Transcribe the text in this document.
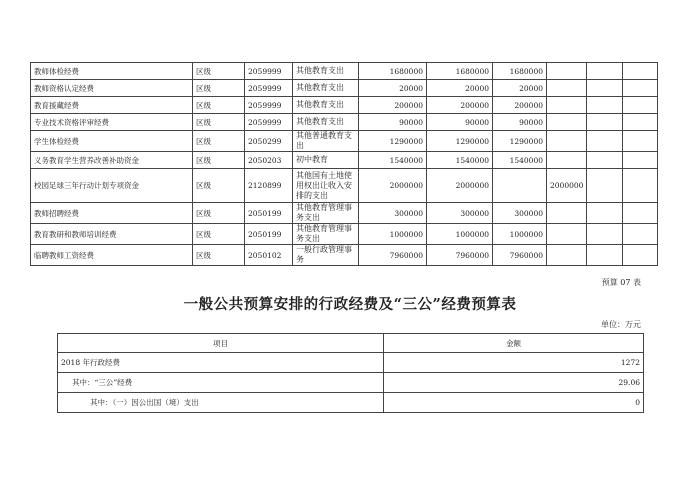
教师体检经费	区级	2059999	其他教育支出	1680000	1680000	1680000			
教师资格认定经费	区级	2059999	其他教育支出	20000	20000	20000			
教育援藏经费	区级	2059999	其他教育支出	200000	200000	200000			
专业技术资格评审经费	区级	2059999	其他教育支出	90000	90000	90000			
学生体检经费	区级	2050299	其他普通教育支出	1290000	1290000	1290000			
义务教育学生营养改善补助资金	区级	2050203	初中教育	1540000	1540000	1540000			
校园足球三年行动计划专项资金	区级	2120899	其他国有土地使用权出让收入安排的支出	2000000	2000000		2000000		
教师招聘经费	区级	2050199	其他教育管理事务支出	300000	300000	300000			
教育教研和教师培训经费	区级	2050199	其他教育管理事务支出	1000000	1000000	1000000			
临聘教师工资经费	区级	2050102	一般行政管理事务	7960000	7960000	7960000			
预算 07 表
一般公共预算安排的行政经费及“三公”经费预算表
单位：万元
项目	金额
2018 年行政经费	1272
其中：“三公”经费	29.06
其中：（一）因公出国（境）支出	0
